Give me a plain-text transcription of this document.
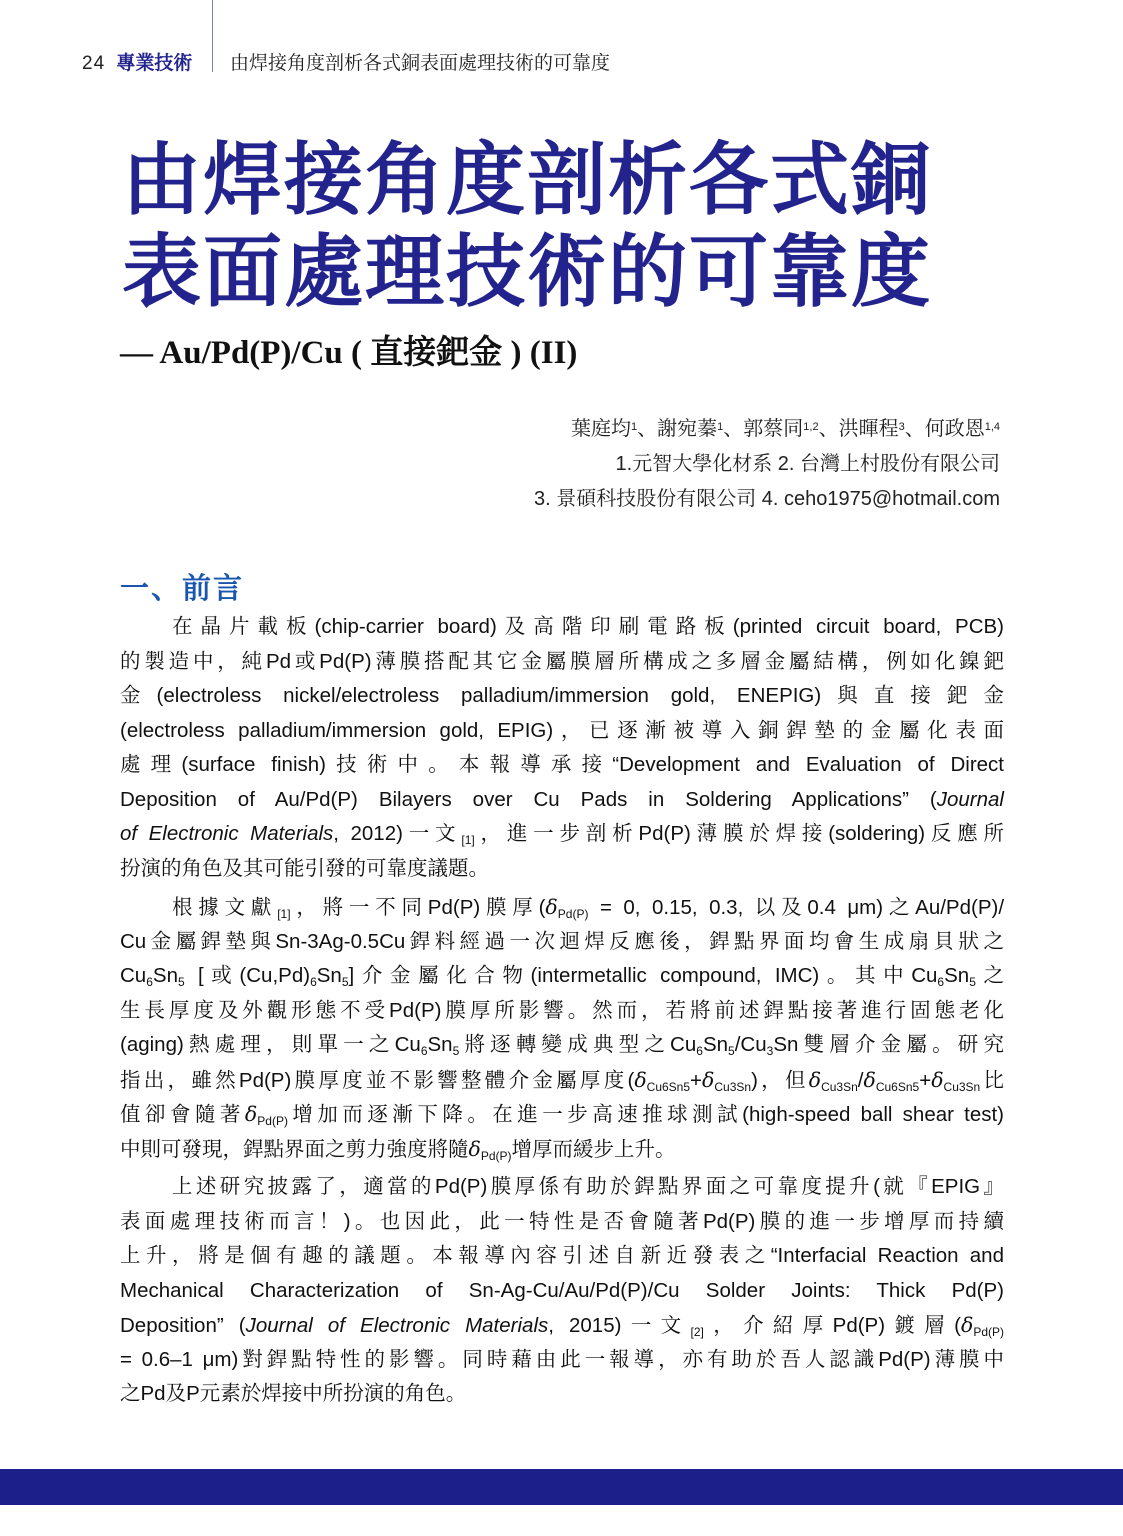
24 專業技術 由焊接角度剖析各式銅表面處理技術的可靠度
由焊接角度剖析各式銅
表面處理技術的可靠度
— Au/Pd(P)/Cu ( 直接鈀金 ) (II)
葉庭均$^1$、謝宛蓁$^1$、郭蔡同$^{1,2}$、洪暉程$^3$、何政恩$^{1,4}$
1.元智大學化材系 2. 台灣上村股份有限公司
3. 景碩科技股份有限公司 4. ceho1975@hotmail.com
一、前言
在晶片載板(chip-carrier board)及高階印刷電路板(printed circuit board, PCB)
的製造中，純Pd或Pd(P)薄膜搭配其它金屬膜層所構成之多層金屬結構，例如化鎳鈀
金(electroless nickel/electroless palladium/immersion gold, ENEPIG)與直接鈀金
(electroless palladium/immersion gold, EPIG)，已逐漸被導入銅銲墊的金屬化表面
處理(surface finish)技術中。本報導承接“Development and Evaluation of Direct
Deposition of Au/Pd(P) Bilayers over Cu Pads in Soldering Applications” (Journal
of Electronic Materials, 2012)一文$_{[1]}$，進一步剖析Pd(P)薄膜於焊接(soldering)反應所
扮演的角色及其可能引發的可靠度議題。
根據文獻$_{[1]}$，將一不同Pd(P)膜厚($\delta_{Pd(P)} = 0$, 0.15, 0.3, 以及0.4 μm)之Au/Pd(P)/
Cu金屬銲墊與Sn-3Ag-0.5Cu銲料經過一次迴焊反應後，銲點界面均會生成扇貝狀之
$Cu_6Sn_5$ [或$(Cu,Pd)_6Sn_5$]介金屬化合物(intermetallic compound, IMC)。其中$Cu_6Sn_5$之
生長厚度及外觀形態不受Pd(P)膜厚所影響。然而，若將前述銲點接著進行固態老化
(aging)熱處理，則單一之$Cu_6Sn_5$將逐轉變成典型之$Cu_6Sn_5/Cu_3Sn$雙層介金屬。研究
指出，雖然Pd(P)膜厚度並不影響整體介金屬厚度$(\delta_{Cu6Sn5}+\delta_{Cu3Sn})$，但$\delta_{Cu3Sn}/\delta_{Cu6Sn5}+\delta_{Cu3Sn}$比
值卻會隨著$\delta_{Pd(P)}$增加而逐漸下降。在進一步高速推球測試(high-speed ball shear test)
中則可發現，銲點界面之剪力強度將隨$\delta_{Pd(P)}$增厚而緩步上升。
上述研究披露了，適當的Pd(P)膜厚係有助於銲點界面之可靠度提升(就『EPIG』
表面處理技術而言！)。也因此，此一特性是否會隨著Pd(P)膜的進一步增厚而持續
上升，將是個有趣的議題。本報導內容引述自新近發表之“Interfacial Reaction and
Mechanical Characterization of Sn-Ag-Cu/Au/Pd(P)/Cu Solder Joints: Thick Pd(P)
Deposition” (Journal of Electronic Materials, 2015)一文$_{[2]}$，介紹厚Pd(P)鍍層($\delta_{Pd(P)}$
= 0.6–1 μm)對銲點特性的影響。同時藉由此一報導，亦有助於吾人認識Pd(P)薄膜中
之Pd及P元素於焊接中所扮演的角色。
